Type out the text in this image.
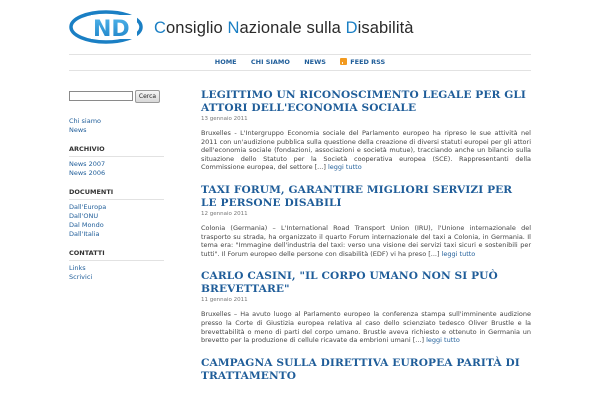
ND Consiglio Nazionale sulla Disabilità
HOME CHI SIAMO NEWS	FEED RSS
Cerca
Chi siamo
News
ARCHIVIO
News 2007
News 2006
DOCUMENTI
Dall'Europa
Dall'ONU
Dal Mondo
Dall'Italia
CONTATTI
Links
Scrivici
LEGITTIMO UN RICONOSCIMENTO LEGALE PER GLI ATTORI DELL'ECONOMIA SOCIALE
13 gennaio 2011
Bruxelles - L'Intergruppo Economia sociale del Parlamento europeo ha ripreso le sue attività nel 2011 con un'audizione pubblica sulla questione della creazione di diversi statuti europei per gli attori dell'economia sociale (fondazioni, associazioni e società mutue), tracciando anche un bilancio sulla situazione dello Statuto per la Società cooperativa europea (SCE). Rappresentanti della Commissione europea, del settore [...] leggi tutto
TAXI FORUM, GARANTIRE MIGLIORI SERVIZI PER LE PERSONE DISABILI
12 gennaio 2011
Colonia (Germania) – L'International Road Transport Union (IRU), l'Unione internazionale del trasporto su strada, ha organizzato il quarto Forum internazionale del taxi a Colonia, in Germania. Il tema era: "Immagine dell'industria del taxi: verso una visione dei servizi taxi sicuri e sostenibili per tutti". Il Forum europeo delle persone con disabilità (EDF) vi ha preso [...] leggi tutto
CARLO CASINI, "IL CORPO UMANO NON SI PUÒ BREVETTARE"
11 gennaio 2011
Bruxelles – Ha avuto luogo al Parlamento europeo la conferenza stampa sull'imminente audizione presso la Corte di Giustizia europea relativa al caso dello scienziato tedesco Oliver Brustle e la brevettabilità o meno di parti del corpo umano. Brustle aveva richiesto e ottenuto in Germania un brevetto per la produzione di cellule ricavate da embrioni umani [...] leggi tutto
CAMPAGNA SULLA DIRETTIVA EUROPEA PARITÀ DI TRATTAMENTO
